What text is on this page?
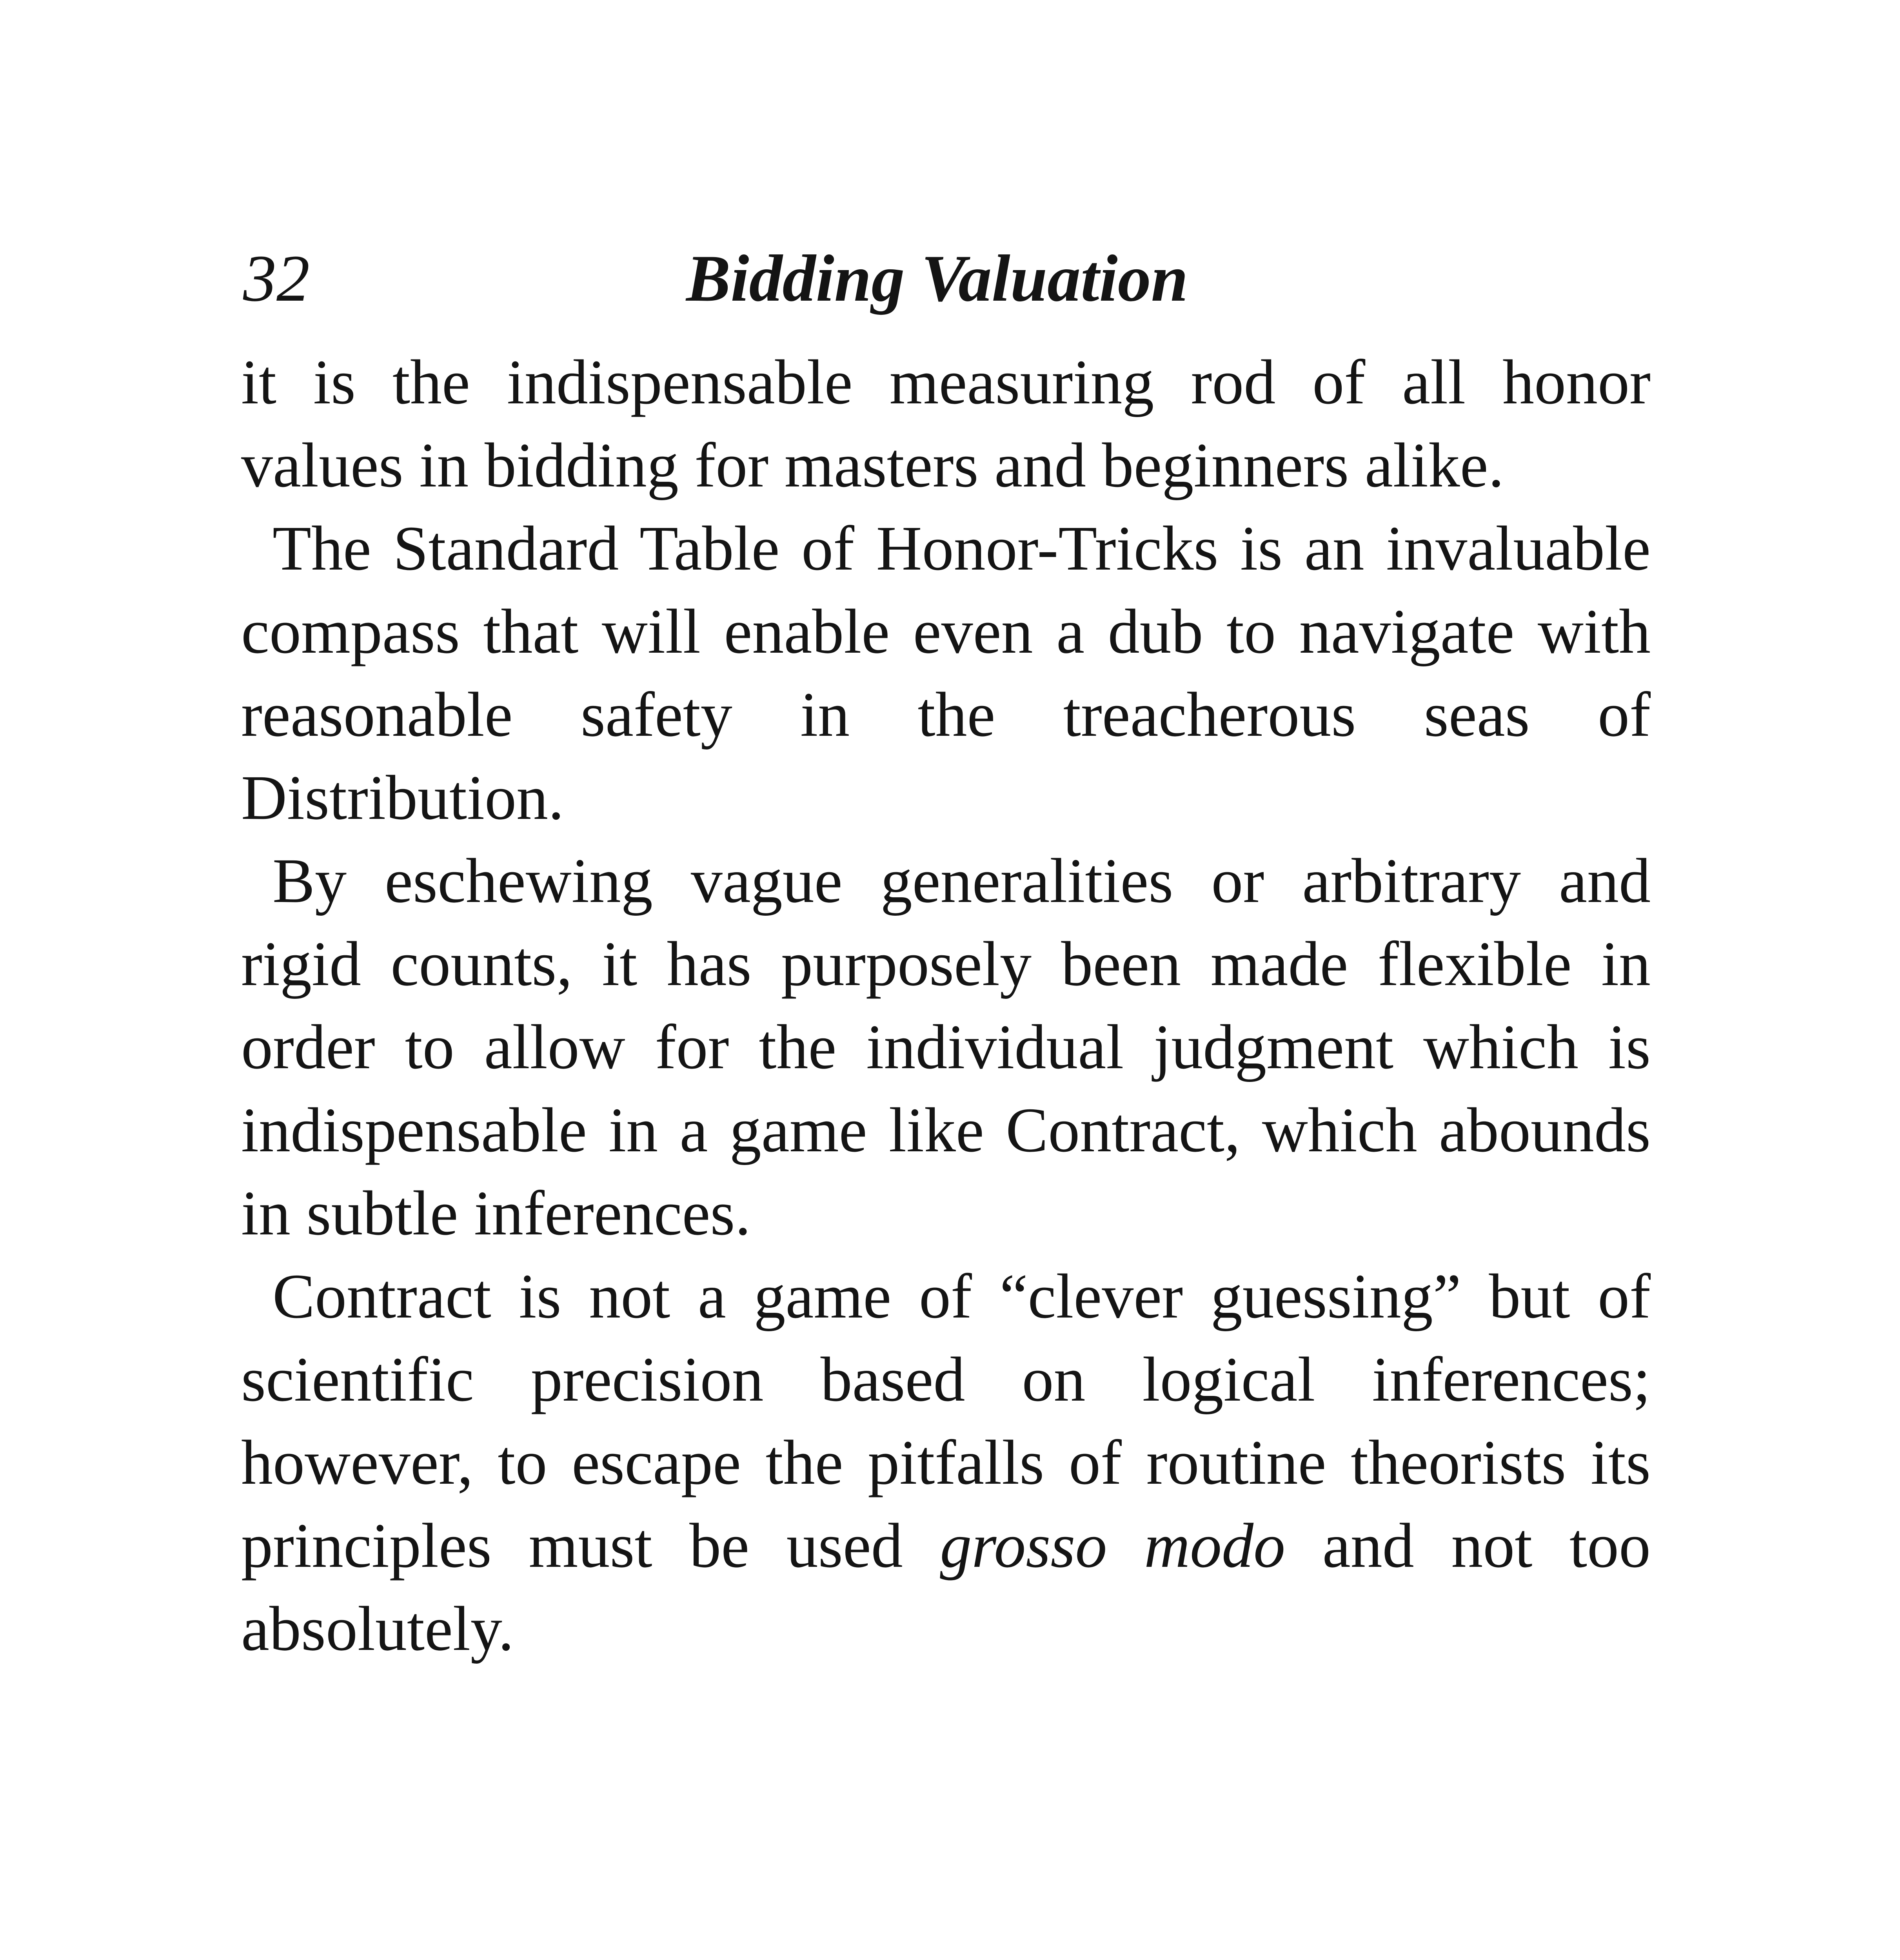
32	Bidding Valuation

it is the indispensable measuring rod of all honor values in bidding for masters and beginners alike.

The Standard Table of Honor-Tricks is an invaluable compass that will enable even a dub to navigate with reasonable safety in the treacherous seas of Distribution.

By eschewing vague generalities or arbitrary and rigid counts, it has purposely been made flexible in order to allow for the individual judgment which is indispensable in a game like Contract, which abounds in subtle inferences.

Contract is not a game of “clever guessing” but of scientific precision based on logical inferences; however, to escape the pitfalls of routine theorists its principles must be used grosso modo and not too absolutely.
